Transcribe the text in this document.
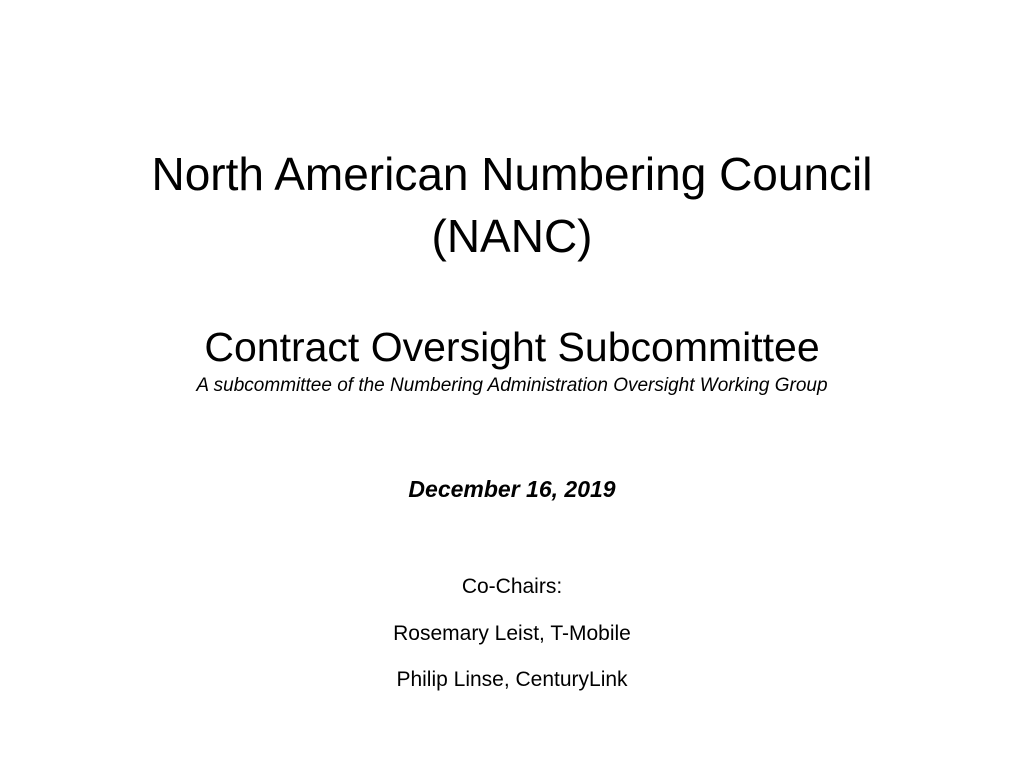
North American Numbering Council
(NANC)
Contract Oversight Subcommittee
A subcommittee of the Numbering Administration Oversight Working Group
December 16, 2019
Co-Chairs:
Rosemary Leist, T-Mobile
Philip Linse, CenturyLink
